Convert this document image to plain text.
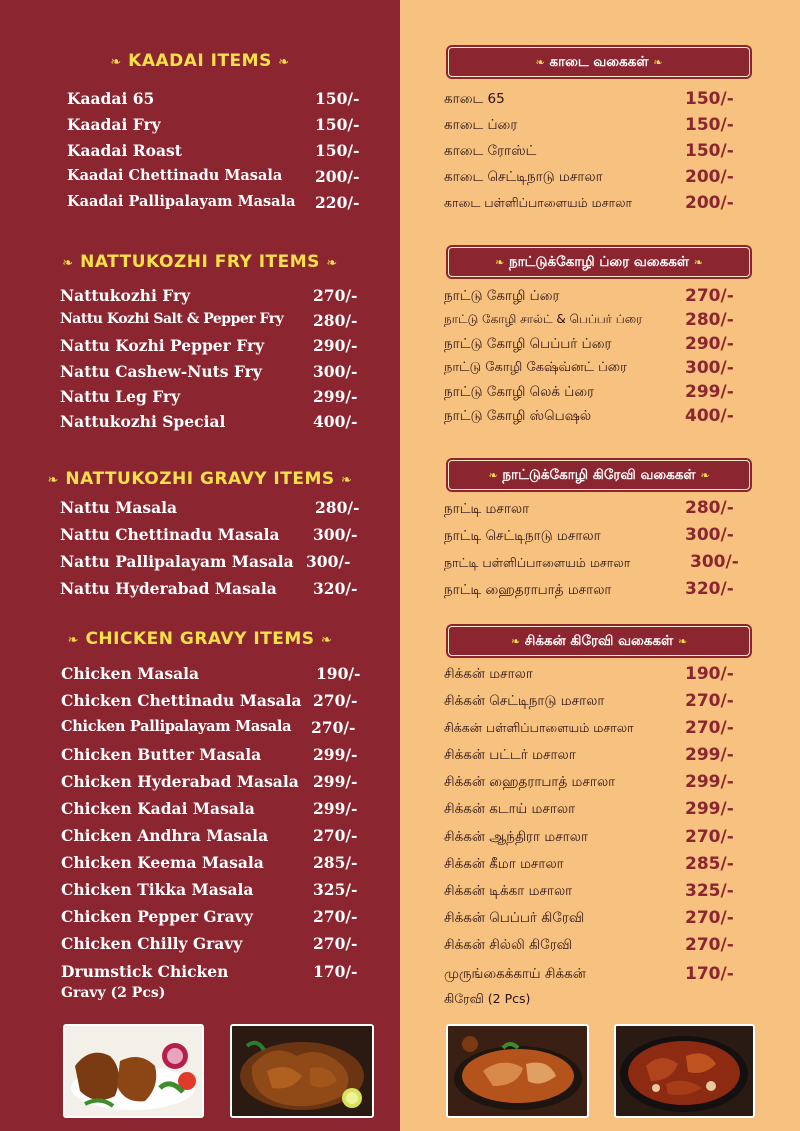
❧ KAADAI ITEMS ❧
❧ NATTUKOZHI FRY ITEMS ❧
❧ NATTUKOZHI GRAVY ITEMS ❧
❧ CHICKEN GRAVY ITEMS ❧
Kaadai 65	150/-
Kaadai Fry	150/-
Kaadai Roast	150/-
Kaadai Chettinadu Masala 200/-
Kaadai Pallipalayam Masala 220/-
Nattukozhi Fry	270/-
Nattu Kozhi Salt & Pepper Fry 280/-
Nattu Kozhi Pepper Fry	290/-
Nattu Cashew-Nuts Fry	300/-
Nattu Leg Fry	299/-
Nattukozhi Special	400/-
Nattu Masala	280/-
Nattu Chettinadu Masala 300/-
Nattu Pallipalayam Masala 300/-
Nattu Hyderabad Masala 320/-
Chicken Masala	190/-
Chicken Chettinadu Masala 270/-
Chicken Pallipalayam Masala 270/-
Chicken Butter Masala	299/-
Chicken Hyderabad Masala 299/-
Chicken Kadai Masala	299/-
Chicken Andhra Masala	270/-
Chicken Keema Masala	285/-
Chicken Tikka Masala	325/-
Chicken Pepper Gravy	270/-
Chicken Chilly Gravy	270/-
Drumstick Chicken	170/-
Gravy (2 Pcs)
❧ காடை வகைகள் ❧
❧ நாட்டுக்கோழி ப்ரை வகைகள் ❧
❧ நாட்டுக்கோழி கிரேவி வகைகள் ❧
❧ சிக்கன் கிரேவி வகைகள் ❧
காடை 65	150/-
காடை ப்ரை	150/-
காடை ரோஸ்ட்	150/-
காடை செட்டிநாடு மசாலா	200/-
காடை பள்ளிப்பாளையம் மசாலா	200/-
நாட்டு கோழி ப்ரை	270/-
நாட்டு கோழி சால்ட் & பெப்பர் ப்ரை	280/-
நாட்டு கோழி பெப்பர் ப்ரை	290/-
நாட்டு கோழி கேஷ்வ்னட் ப்ரை	300/-
நாட்டு கோழி லெக் ப்ரை	299/-
நாட்டு கோழி ஸ்பெஷல்	400/-
நாட்டி மசாலா	280/-
நாட்டி செட்டிநாடு மசாலா	300/-
நாட்டி பள்ளிப்பாளையம் மசாலா	300/-
நாட்டி ஹைதராபாத் மசாலா	320/-
சிக்கன் மசாலா	190/-
சிக்கன் செட்டிநாடு மசாலா	270/-
சிக்கன் பள்ளிப்பாளையம் மசாலா	270/-
சிக்கன் பட்டர் மசாலா	299/-
சிக்கன் ஹைதராபாத் மசாலா	299/-
சிக்கன் கடாய் மசாலா	299/-
சிக்கன் ஆந்திரா மசாலா	270/-
சிக்கன் கீமா மசாலா	285/-
சிக்கன் டிக்கா மசாலா	325/-
சிக்கன் பெப்பர் கிரேவி	270/-
சிக்கன் சில்லி கிரேவி	270/-
முருங்கைக்காய் சிக்கன்	170/-
கிரேவி (2 Pcs)
